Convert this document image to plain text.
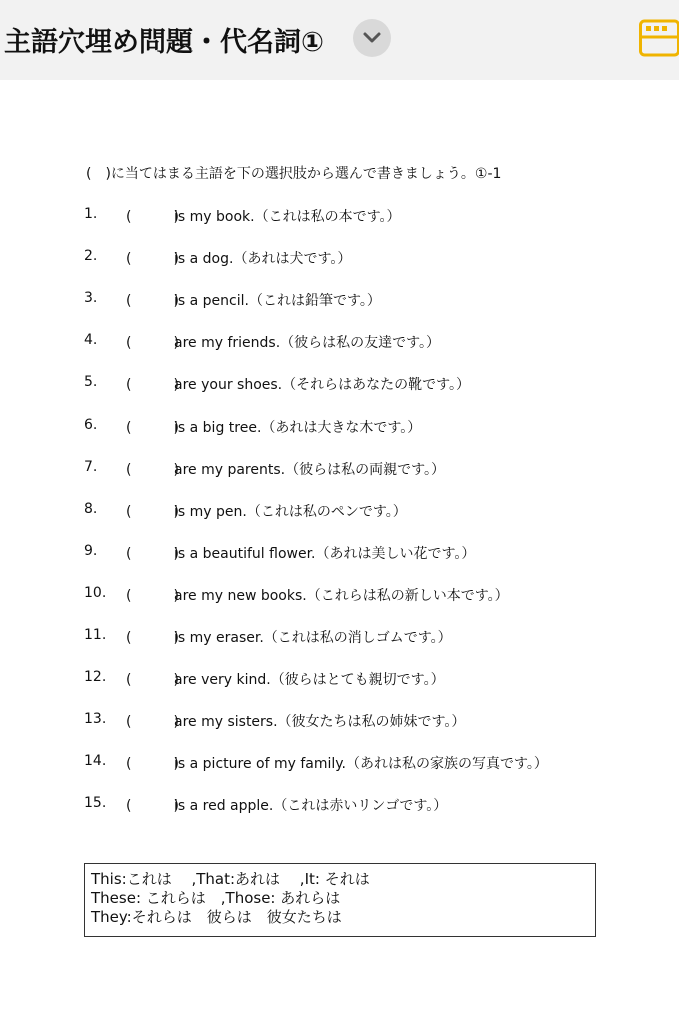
主語穴埋め問題・代名詞①
(　)に当てはまる主語を下の選択肢から選んで書きましょう。①-1
1. (　　　)
is my book.（これは私の本です。）
2. (　　　)
is a dog.（あれは犬です。）
3. (　　　)
is a pencil.（これは鉛筆です。）
4. (　　　)
are my friends.（彼らは私の友達です。）
5. (　　　)
are your shoes.（それらはあなたの靴です。）
6. (　　　)
is a big tree.（あれは大きな木です。）
7. (　　　)
are my parents.（彼らは私の両親です。）
8. (　　　)
is my pen.（これは私のペンです。）
9. (　　　)
is a beautiful flower.（あれは美しい花です。）
10. (　　　)
are my new books.（これらは私の新しい本です。）
11. (　　　)
is my eraser.（これは私の消しゴムです。）
12. (　　　)
are very kind.（彼らはとても親切です。）
13. (　　　)
are my sisters.（彼女たちは私の姉妹です。）
14. (　　　)
is a picture of my family.（あれは私の家族の写真です。）
15. (　　　)
is a red apple.（これは赤いリンゴです。）
This:これは　 ,That:あれは　 ,It: それは
These: これらは　,Those: あれらは
They:それらは　彼らは　彼女たちは
